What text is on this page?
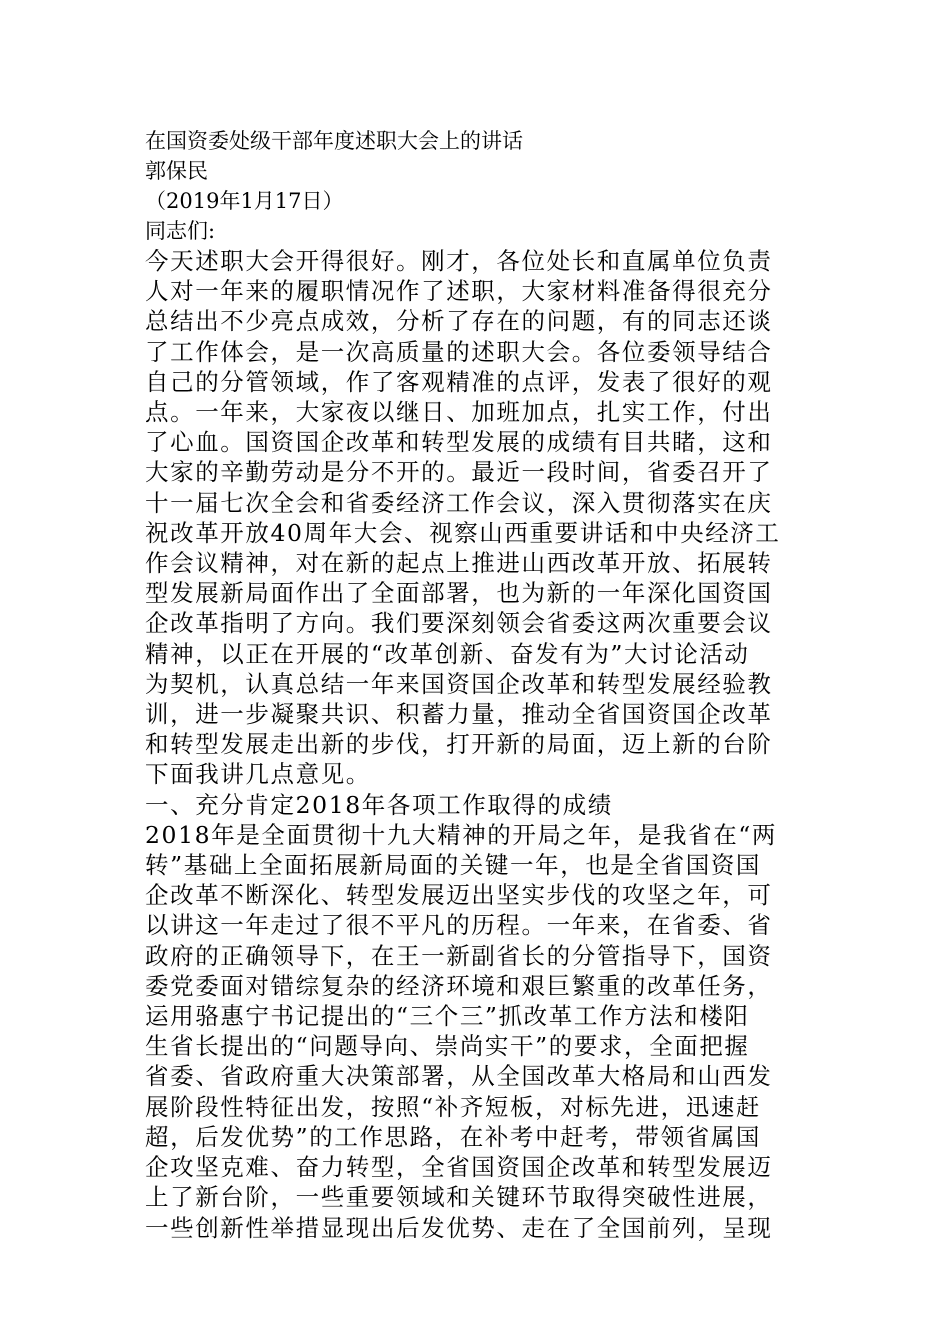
在国资委处级干部年度述职大会上的讲话
郭保民
（2019年1月17日）
同志们:
今天述职大会开得很好。刚才，各位处长和直属单位负责
人对一年来的履职情况作了述职，大家材料准备得很充分
总结出不少亮点成效，分析了存在的问题，有的同志还谈
了工作体会，是一次高质量的述职大会。各位委领导结合
自己的分管领域，作了客观精准的点评，发表了很好的观
点。一年来，大家夜以继日、加班加点，扎实工作，付出
了心血。国资国企改革和转型发展的成绩有目共睹，这和
大家的辛勤劳动是分不开的。最近一段时间，省委召开了
十一届七次全会和省委经济工作会议，深入贯彻落实在庆
祝改革开放40周年大会、视察山西重要讲话和中央经济工
作会议精神，对在新的起点上推进山西改革开放、拓展转
型发展新局面作出了全面部署，也为新的一年深化国资国
企改革指明了方向。我们要深刻领会省委这两次重要会议
精神，以正在开展的“改革创新、奋发有为”大讨论活动
为契机，认真总结一年来国资国企改革和转型发展经验教
训，进一步凝聚共识、积蓄力量，推动全省国资国企改革
和转型发展走出新的步伐，打开新的局面，迈上新的台阶
下面我讲几点意见。
一、充分肯定2018年各项工作取得的成绩
2018年是全面贯彻十九大精神的开局之年，是我省在“两
转”基础上全面拓展新局面的关键一年，也是全省国资国
企改革不断深化、转型发展迈出坚实步伐的攻坚之年，可
以讲这一年走过了很不平凡的历程。一年来，在省委、省
政府的正确领导下，在王一新副省长的分管指导下，国资
委党委面对错综复杂的经济环境和艰巨繁重的改革任务，
运用骆惠宁书记提出的“三个三”抓改革工作方法和楼阳
生省长提出的“问题导向、崇尚实干”的要求，全面把握
省委、省政府重大决策部署，从全国改革大格局和山西发
展阶段性特征出发，按照“补齐短板，对标先进，迅速赶
超，后发优势”的工作思路，在补考中赶考，带领省属国
企攻坚克难、奋力转型，全省国资国企改革和转型发展迈
上了新台阶，一些重要领域和关键环节取得突破性进展，
一些创新性举措显现出后发优势、走在了全国前列，呈现
